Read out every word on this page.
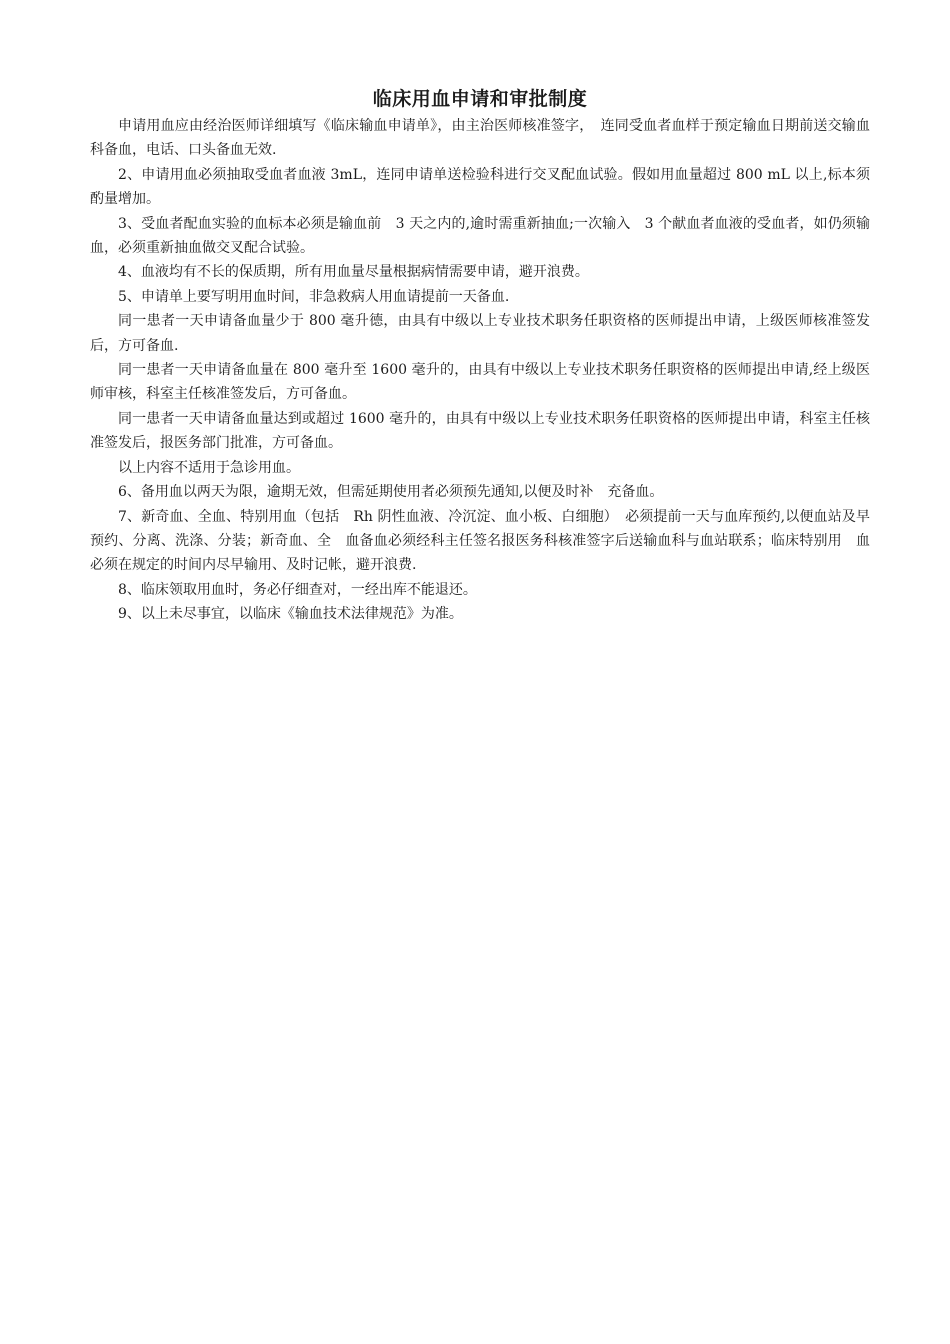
临床用血申请和审批制度

申请用血应由经治医师详细填写《临床输血申请单》，由主治医师核准签字，　连同受血者血样于预定输血日期前送交输血科备血，电话、口头备血无效.

2、申请用血必须抽取受血者血液 3mL，连同申请单送检验科进行交叉配血试验。假如用血量超过 800 mL 以上,标本须酌量增加。

3、受血者配血实验的血标本必须是输血前　3 天之内的,逾时需重新抽血;一次输入　3 个献血者血液的受血者，如仍须输血，必须重新抽血做交叉配合试验。

4、血液均有不长的保质期，所有用血量尽量根据病情需要申请，避开浪费。

5、申请单上要写明用血时间，非急救病人用血请提前一天备血.

同一患者一天申请备血量少于 800 毫升德，由具有中级以上专业技术职务任职资格的医师提出申请，上级医师核准签发后，方可备血.

同一患者一天申请备血量在 800 毫升至 1600 毫升的，由具有中级以上专业技术职务任职资格的医师提出申请,经上级医师审核，科室主任核准签发后，方可备血。

同一患者一天申请备血量达到或超过 1600 毫升的，由具有中级以上专业技术职务任职资格的医师提出申请，科室主任核准签发后，报医务部门批准，方可备血。

以上内容不适用于急诊用血。

6、备用血以两天为限，逾期无效，但需延期使用者必须预先通知,以便及时补　充备血。

7、新奇血、全血、特别用血（包括　Rh 阴性血液、冷沉淀、血小板、白细胞）　必须提前一天与血库预约,以便血站及早预约、分离、洗涤、分装；新奇血、全　血备血必须经科主任签名报医务科核准签字后送输血科与血站联系；临床特别用　血必须在规定的时间内尽早输用、及时记帐，避开浪费.

8、临床领取用血时，务必仔细查对，一经出库不能退还。

9、以上未尽事宜，以临床《输血技术法律规范》为准。
